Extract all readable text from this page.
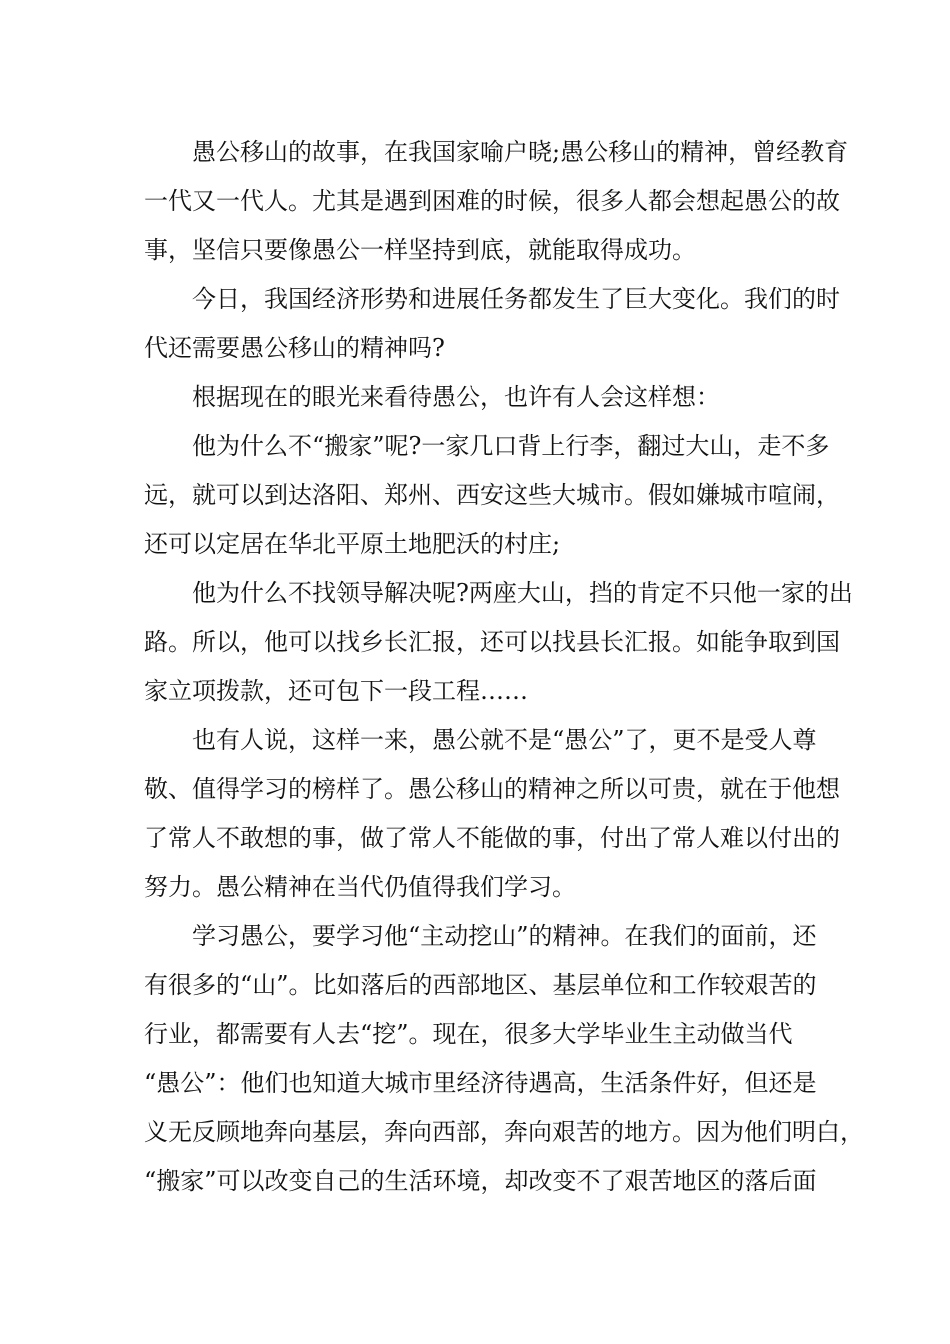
愚公移山的故事，在我国家喻户晓;愚公移山的精神，曾经教育
一代又一代人。尤其是遇到困难的时候，很多人都会想起愚公的故
事，坚信只要像愚公一样坚持到底，就能取得成功。

今日，我国经济形势和进展任务都发生了巨大变化。我们的时
代还需要愚公移山的精神吗?

根据现在的眼光来看待愚公，也许有人会这样想：

他为什么不“搬家”呢?一家几口背上行李，翻过大山，走不多
远，就可以到达洛阳、郑州、西安这些大城市。假如嫌城市喧闹，
还可以定居在华北平原土地肥沃的村庄;

他为什么不找领导解决呢?两座大山，挡的肯定不只他一家的出
路。所以，他可以找乡长汇报，还可以找县长汇报。如能争取到国
家立项拨款，还可包下一段工程……

也有人说，这样一来，愚公就不是“愚公”了，更不是受人尊
敬、值得学习的榜样了。愚公移山的精神之所以可贵，就在于他想
了常人不敢想的事，做了常人不能做的事，付出了常人难以付出的
努力。愚公精神在当代仍值得我们学习。

学习愚公，要学习他“主动挖山”的精神。在我们的面前，还
有很多的“山”。比如落后的西部地区、基层单位和工作较艰苦的
行业，都需要有人去“挖”。现在，很多大学毕业生主动做当代
“愚公”：他们也知道大城市里经济待遇高，生活条件好，但还是
义无反顾地奔向基层，奔向西部，奔向艰苦的地方。因为他们明白，
“搬家”可以改变自己的生活环境，却改变不了艰苦地区的落后面
